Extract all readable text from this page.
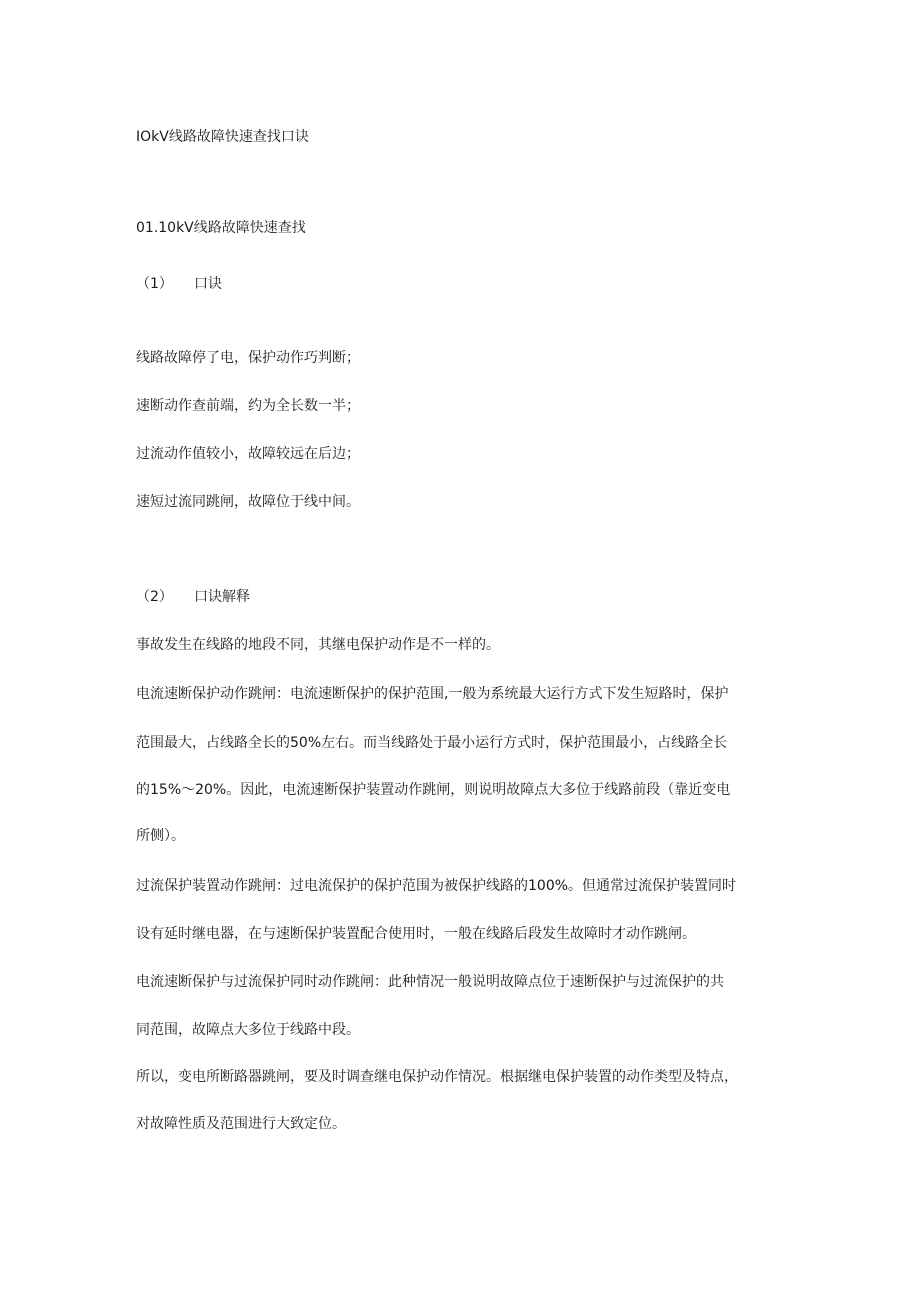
IOkV线路故障快速查找口诀
01.10kV线路故障快速查找
（1） 口诀
线路故障停了电，保护动作巧判断；
速断动作查前端，约为全长数一半；
过流动作值较小，故障较远在后边；
速短过流同跳闸，故障位于线中间。
（2） 口诀解释
事故发生在线路的地段不同，其继电保护动作是不一样的。
电流速断保护动作跳闸：电流速断保护的保护范围,一般为系统最大运行方式下发生短路时，保护
范围最大，占线路全长的50%左右。而当线路处于最小运行方式时，保护范围最小，占线路全长
的15%～20%。因此，电流速断保护装置动作跳闸，则说明故障点大多位于线路前段（靠近变电
所侧）。
过流保护装置动作跳闸：过电流保护的保护范围为被保护线路的100%。但通常过流保护装置同时
设有延时继电器，在与速断保护装置配合使用时，一般在线路后段发生故障时才动作跳闸。
电流速断保护与过流保护同时动作跳闸：此种情况一般说明故障点位于速断保护与过流保护的共
同范围，故障点大多位于线路中段。
所以，变电所断路器跳闸，要及时调查继电保护动作情况。根据继电保护装置的动作类型及特点，
对故障性质及范围进行大致定位。
